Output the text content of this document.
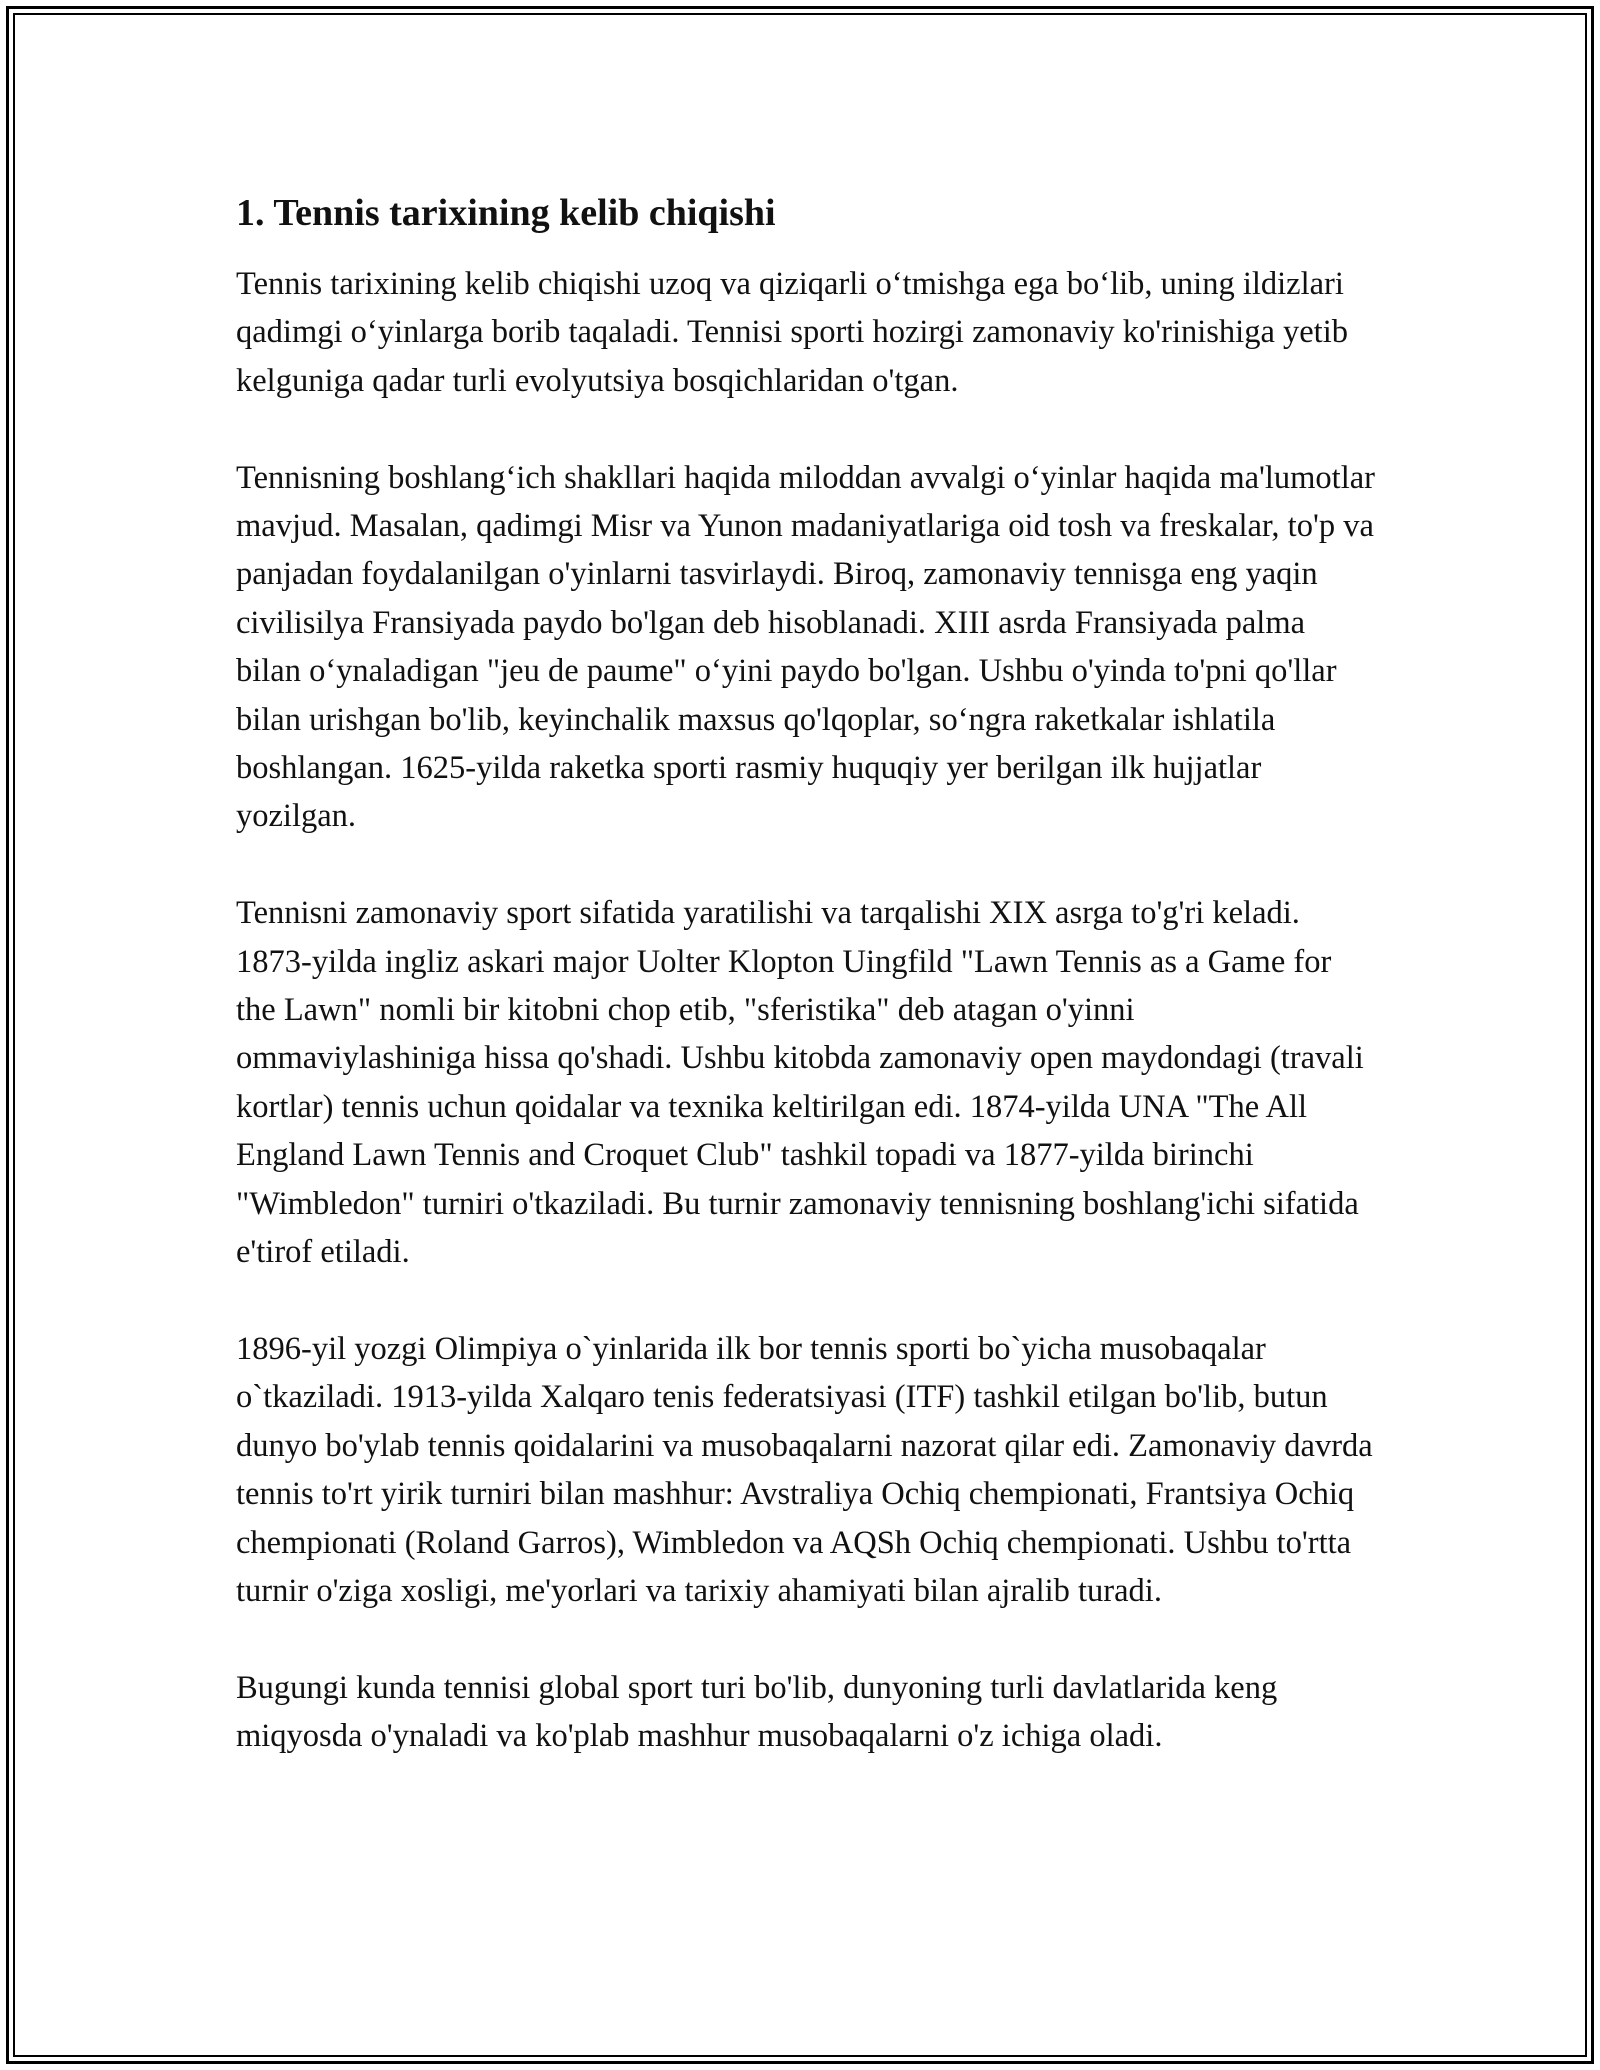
1. Tennis tarixining kelib chiqishi

Tennis tarixining kelib chiqishi uzoq va qiziqarli o‘tmishga ega bo‘lib, uning ildizlari qadimgi o‘yinlarga borib taqaladi. Tennisi sporti hozirgi zamonaviy ko'rinishiga yetib kelguniga qadar turli evolyutsiya bosqichlaridan o'tgan.

Tennisning boshlang‘ich shakllari haqida miloddan avvalgi o‘yinlar haqida ma'lumotlar mavjud. Masalan, qadimgi Misr va Yunon madaniyatlariga oid tosh va freskalar, to'p va panjadan foydalanilgan o'yinlarni tasvirlaydi. Biroq, zamonaviy tennisga eng yaqin civilisilya Fransiyada paydo bo'lgan deb hisoblanadi. XIII asrda Fransiyada palma bilan o‘ynaladigan "jeu de paume" o‘yini paydo bo'lgan. Ushbu o'yinda to'pni qo'llar bilan urishgan bo'lib, keyinchalik maxsus qo'lqoplar, so‘ngra raketkalar ishlatila boshlangan. 1625-yilda raketka sporti rasmiy huquqiy yer berilgan ilk hujjatlar yozilgan.

Tennisni zamonaviy sport sifatida yaratilishi va tarqalishi XIX asrga to'g'ri keladi. 1873-yilda ingliz askari major Uolter Klopton Uingfild "Lawn Tennis as a Game for the Lawn" nomli bir kitobni chop etib, "sferistika" deb atagan o'yinni ommaviylashiniga hissa qo'shadi. Ushbu kitobda zamonaviy open maydondagi (travali kortlar) tennis uchun qoidalar va texnika keltirilgan edi. 1874-yilda UNA "The All England Lawn Tennis and Croquet Club" tashkil topadi va 1877-yilda birinchi "Wimbledon" turniri o'tkaziladi. Bu turnir zamonaviy tennisning boshlang'ichi sifatida e'tirof etiladi.

1896-yil yozgi Olimpiya o`yinlarida ilk bor tennis sporti bo`yicha musobaqalar o`tkaziladi. 1913-yilda Xalqaro tenis federatsiyasi (ITF) tashkil etilgan bo'lib, butun dunyo bo'ylab tennis qoidalarini va musobaqalarni nazorat qilar edi. Zamonaviy davrda tennis to'rt yirik turniri bilan mashhur: Avstraliya Ochiq chempionati, Frantsiya Ochiq chempionati (Roland Garros), Wimbledon va AQSh Ochiq chempionati. Ushbu to'rtta turnir o'ziga xosligi, me'yorlari va tarixiy ahamiyati bilan ajralib turadi.

Bugungi kunda tennisi global sport turi bo'lib, dunyoning turli davlatlarida keng miqyosda o'ynaladi va ko'plab mashhur musobaqalarni o'z ichiga oladi.
